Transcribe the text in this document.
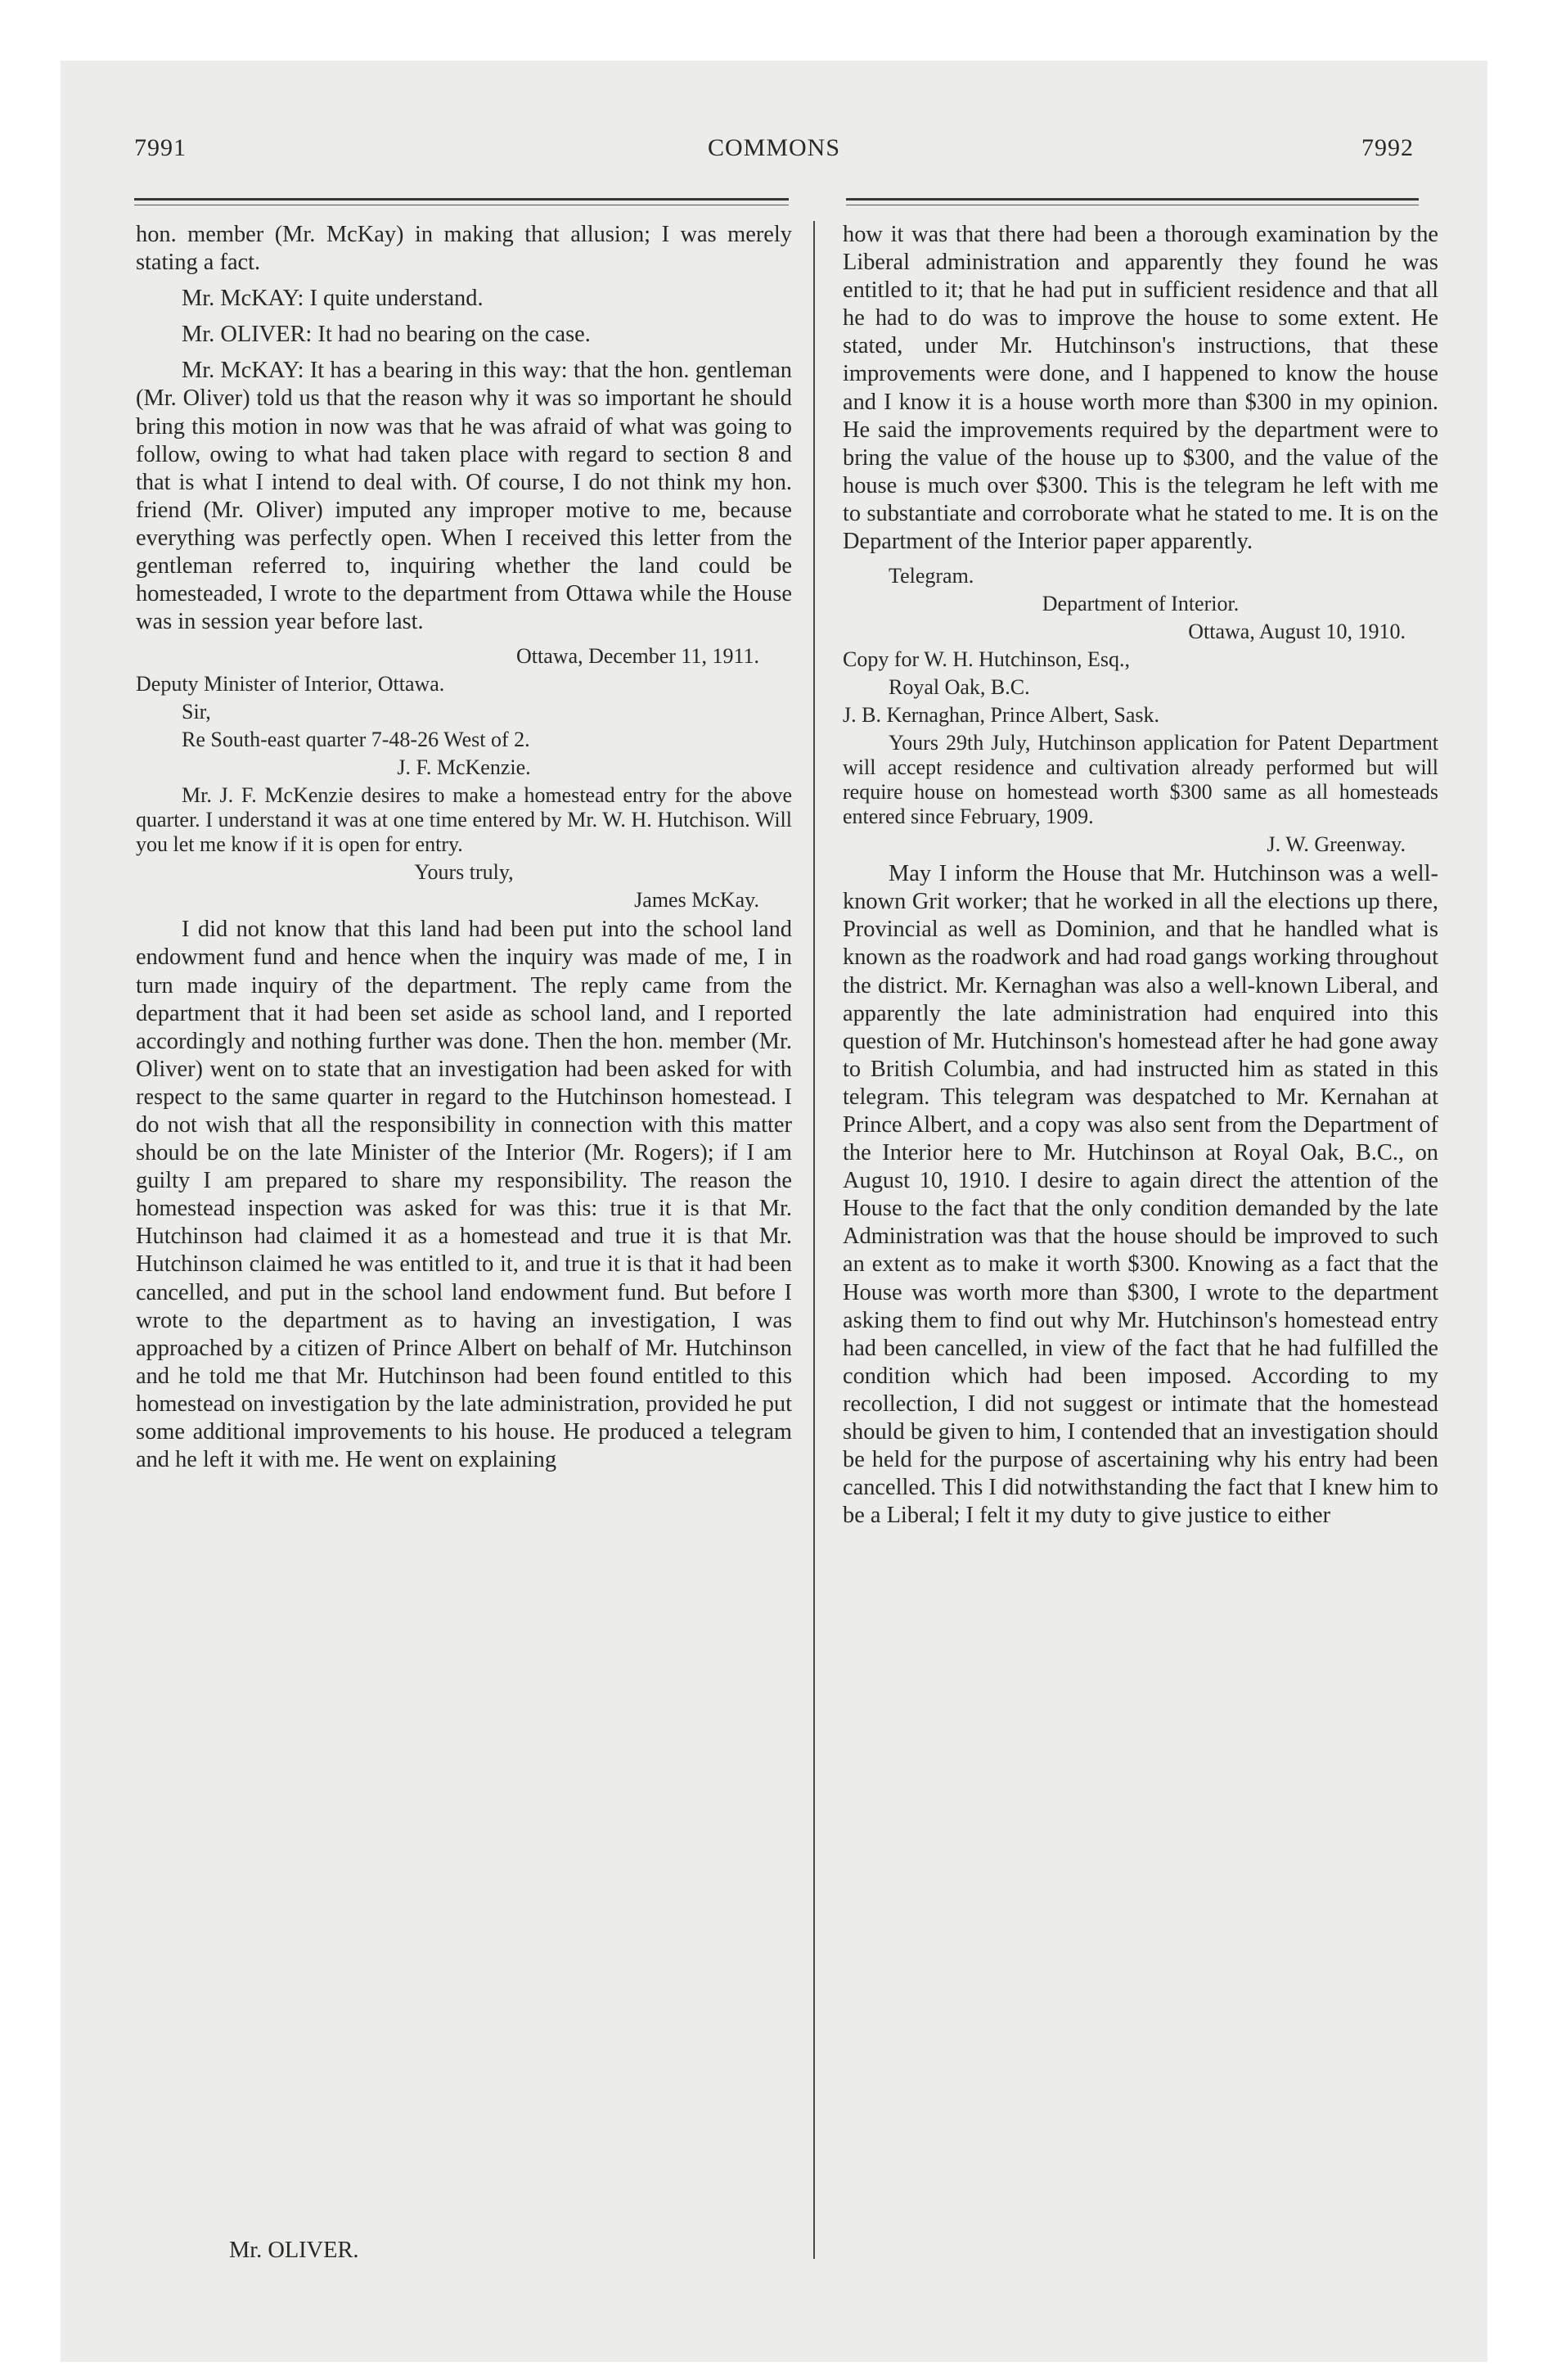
7991	COMMONS	7992

hon. member (Mr. McKay) in making that allusion; I was merely stating a fact.

Mr. McKAY: I quite understand.

Mr. OLIVER: It had no bearing on the case.

Mr. McKAY: It has a bearing in this way: that the hon. gentleman (Mr. Oliver) told us that the reason why it was so important he should bring this motion in now was that he was afraid of what was going to follow, owing to what had taken place with regard to section 8 and that is what I intend to deal with. Of course, I do not think my hon. friend (Mr. Oliver) imputed any improper motive to me, because everything was perfectly open. When I received this letter from the gentleman referred to, inquiring whether the land could be homesteaded, I wrote to the department from Ottawa while the House was in session year before last.

Ottawa, December 11, 1911.

Deputy Minister of Interior, Ottawa.

Sir,

Re South-east quarter 7-48-26 West of 2.

J. F. McKenzie.

Mr. J. F. McKenzie desires to make a homestead entry for the above quarter. I understand it was at one time entered by Mr. W. H. Hutchison. Will you let me know if it is open for entry.

Yours truly,

James McKay.

I did not know that this land had been put into the school land endowment fund and hence when the inquiry was made of me, I in turn made inquiry of the department. The reply came from the department that it had been set aside as school land, and I reported accordingly and nothing further was done. Then the hon. member (Mr. Oliver) went on to state that an investigation had been asked for with respect to the same quarter in regard to the Hutchinson homestead. I do not wish that all the responsibility in connection with this matter should be on the late Minister of the Interior (Mr. Rogers); if I am guilty I am prepared to share my responsibility. The reason the homestead inspection was asked for was this: true it is that Mr. Hutchinson had claimed it as a homestead and true it is that Mr. Hutchinson claimed he was entitled to it, and true it is that it had been cancelled, and put in the school land endowment fund. But before I wrote to the department as to having an investigation, I was approached by a citizen of Prince Albert on behalf of Mr. Hutchinson and he told me that Mr. Hutchinson had been found entitled to this homestead on investigation by the late administration, provided he put some additional improvements to his house. He produced a telegram and he left it with me. He went on explaining

how it was that there had been a thorough examination by the Liberal administration and apparently they found he was entitled to it; that he had put in sufficient residence and that all he had to do was to improve the house to some extent. He stated, under Mr. Hutchinson's instructions, that these improvements were done, and I happened to know the house and I know it is a house worth more than $300 in my opinion. He said the improvements required by the department were to bring the value of the house up to $300, and the value of the house is much over $300. This is the telegram he left with me to substantiate and corroborate what he stated to me. It is on the Department of the Interior paper apparently.

Telegram.

Department of Interior.

Ottawa, August 10, 1910.

Copy for W. H. Hutchinson, Esq.,

Royal Oak, B.C.

J. B. Kernaghan, Prince Albert, Sask.

Yours 29th July, Hutchinson application for Patent Department will accept residence and cultivation already performed but will require house on homestead worth $300 same as all homesteads entered since February, 1909.

J. W. Greenway.

May I inform the House that Mr. Hutchinson was a well-known Grit worker; that he worked in all the elections up there, Provincial as well as Dominion, and that he handled what is known as the roadwork and had road gangs working throughout the district. Mr. Kernaghan was also a well-known Liberal, and apparently the late administration had enquired into this question of Mr. Hutchinson's homestead after he had gone away to British Columbia, and had instructed him as stated in this telegram. This telegram was despatched to Mr. Kernahan at Prince Albert, and a copy was also sent from the Department of the Interior here to Mr. Hutchinson at Royal Oak, B.C., on August 10, 1910. I desire to again direct the attention of the House to the fact that the only condition demanded by the late Administration was that the house should be improved to such an extent as to make it worth $300. Knowing as a fact that the House was worth more than $300, I wrote to the department asking them to find out why Mr. Hutchinson's homestead entry had been cancelled, in view of the fact that he had fulfilled the condition which had been imposed. According to my recollection, I did not suggest or intimate that the homestead should be given to him, I contended that an investigation should be held for the purpose of ascertaining why his entry had been cancelled. This I did notwithstanding the fact that I knew him to be a Liberal; I felt it my duty to give justice to either

Mr. OLIVER.
